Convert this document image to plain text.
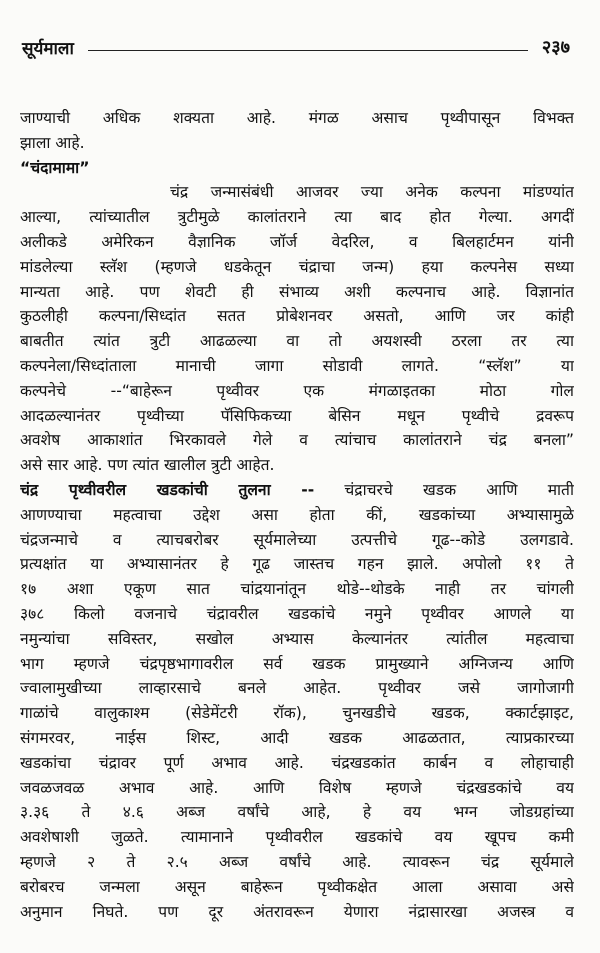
सूर्यमाला	२३७
जाण्याची अधिक शक्यता आहे. मंगळ असाच पृथ्वीपासून विभक्त
झाला आहे.
“चंदामामा”
चंद्र जन्मासंबंधी आजवर ज्या अनेक कल्पना मांडण्यांत
आल्या, त्यांच्यातील त्रुटीमुळे कालांतराने त्या बाद होत गेल्या. अगदीं
अलीकडे अमेरिकन वैज्ञानिक जॉर्ज वेदरिल, व बिलहार्टमन यांनी
मांडलेल्या स्लॅश (म्हणजे धडकेतून चंद्राचा जन्म) हया कल्पनेस सध्या
मान्यता आहे. पण शेवटी ही संभाव्य अशी कल्पनाच आहे. विज्ञानांत
कुठलीही कल्पना/सिध्दांत सतत प्रोबेशनवर असतो, आणि जर कांही
बाबतीत त्यांत त्रुटी आढळल्या वा तो अयशस्वी ठरला तर त्या
कल्पनेला/सिध्दांताला मानाची जागा सोडावी लागते. “स्लॅश” या
कल्पनेचे --“बाहेरून पृथ्वीवर एक मंगळाइतका मोठा गोल
आदळल्यानंतर पृथ्वीच्या पॅसिफिकच्या बेसिन मधून पृथ्वीचे द्रवरूप
अवशेष आकाशांत भिरकावले गेले व त्यांचाच कालांतराने चंद्र बनला”
असे सार आहे. पण त्यांत खालील त्रुटी आहेत.
चंद्र पृथ्वीवरील खडकांची तुलना -- चंद्राचरचे खडक आणि माती
आणण्याचा महत्वाचा उद्देश असा होता कीं, खडकांच्या अभ्यासामुळे
चंद्रजन्माचे व त्याचबरोबर सूर्यमालेच्या उत्पत्तीचे गूढ--कोडे उलगडावे.
प्रत्यक्षांत या अभ्यासानंतर हे गूढ जास्तच गहन झाले. अपोलो ११ ते
१७ अशा एकूण सात चांद्रयानांतून थोडे--थोडके नाही तर चांगली
३७८ किलो वजनाचे चंद्रावरील खडकांचे नमुने पृथ्वीवर आणले या
नमुन्यांचा सविस्तर, सखोल अभ्यास केल्यानंतर त्यांतील महत्वाचा
भाग म्हणजे चंद्रपृष्ठभागावरील सर्व खडक प्रामुख्याने अग्निजन्य आणि
ज्वालामुखीच्या लाव्हारसाचे बनले आहेत. पृथ्वीवर जसे जागोजागी
गाळांचे वालुकाश्म (सेडेमेंटरी रॉक), चुनखडीचे खडक, क्कार्टझाइट,
संगमरवर, नाईस शिस्ट, आदी खडक आढळतात, त्याप्रकारच्या
खडकांचा चंद्रावर पूर्ण अभाव आहे. चंद्रखडकांत कार्बन व लोहाचाही
जवळजवळ अभाव आहे. आणि विशेष म्हणजे चंद्रखडकांचे वय
३.३६ ते ४.६ अब्ज वर्षांचे आहे, हे वय भग्न जोडग्रहांच्या
अवशेषाशी जुळते. त्यामानाने पृथ्वीवरील खडकांचे वय खूपच कमी
म्हणजे २ ते २.५ अब्ज वर्षांचे आहे. त्यावरून चंद्र सूर्यमाले
बरोबरच जन्मला असून बाहेरून पृथ्वीकक्षेत आला असावा असे
अनुमान निघते. पण दूर अंतरावरून येणारा नंद्रासारखा अजस्त्र व
